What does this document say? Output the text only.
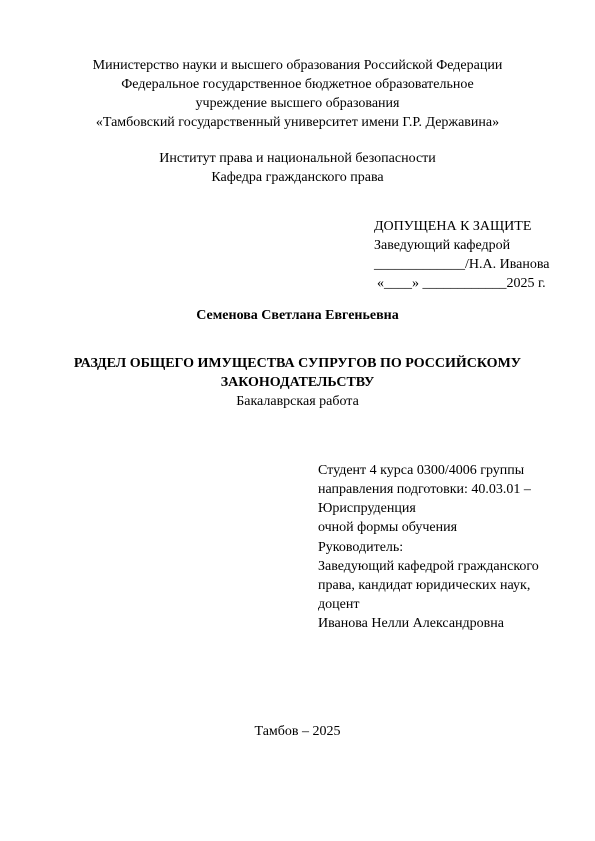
Министерство науки и высшего образования Российской Федерации
Федеральное государственное бюджетное образовательное
учреждение высшего образования
«Тамбовский государственный университет имени Г.Р. Державина»
Институт права и национальной безопасности
Кафедра гражданского права
ДОПУЩЕНА К ЗАЩИТЕ
Заведующий кафедрой
_____________/Н.А. Иванова
«____» ____________2025 г.
Семенова Светлана Евгеньевна
РАЗДЕЛ ОБЩЕГО ИМУЩЕСТВА СУПРУГОВ ПО РОССИЙСКОМУ
ЗАКОНОДАТЕЛЬСТВУ
Бакалаврская работа
Студент 4 курса 0300/4006 группы
направления подготовки: 40.03.01 –
Юриспруденция
очной формы обучения
Руководитель:
Заведующий кафедрой гражданского
права, кандидат юридических наук,
доцент
Иванова Нелли Александровна
Тамбов – 2025
